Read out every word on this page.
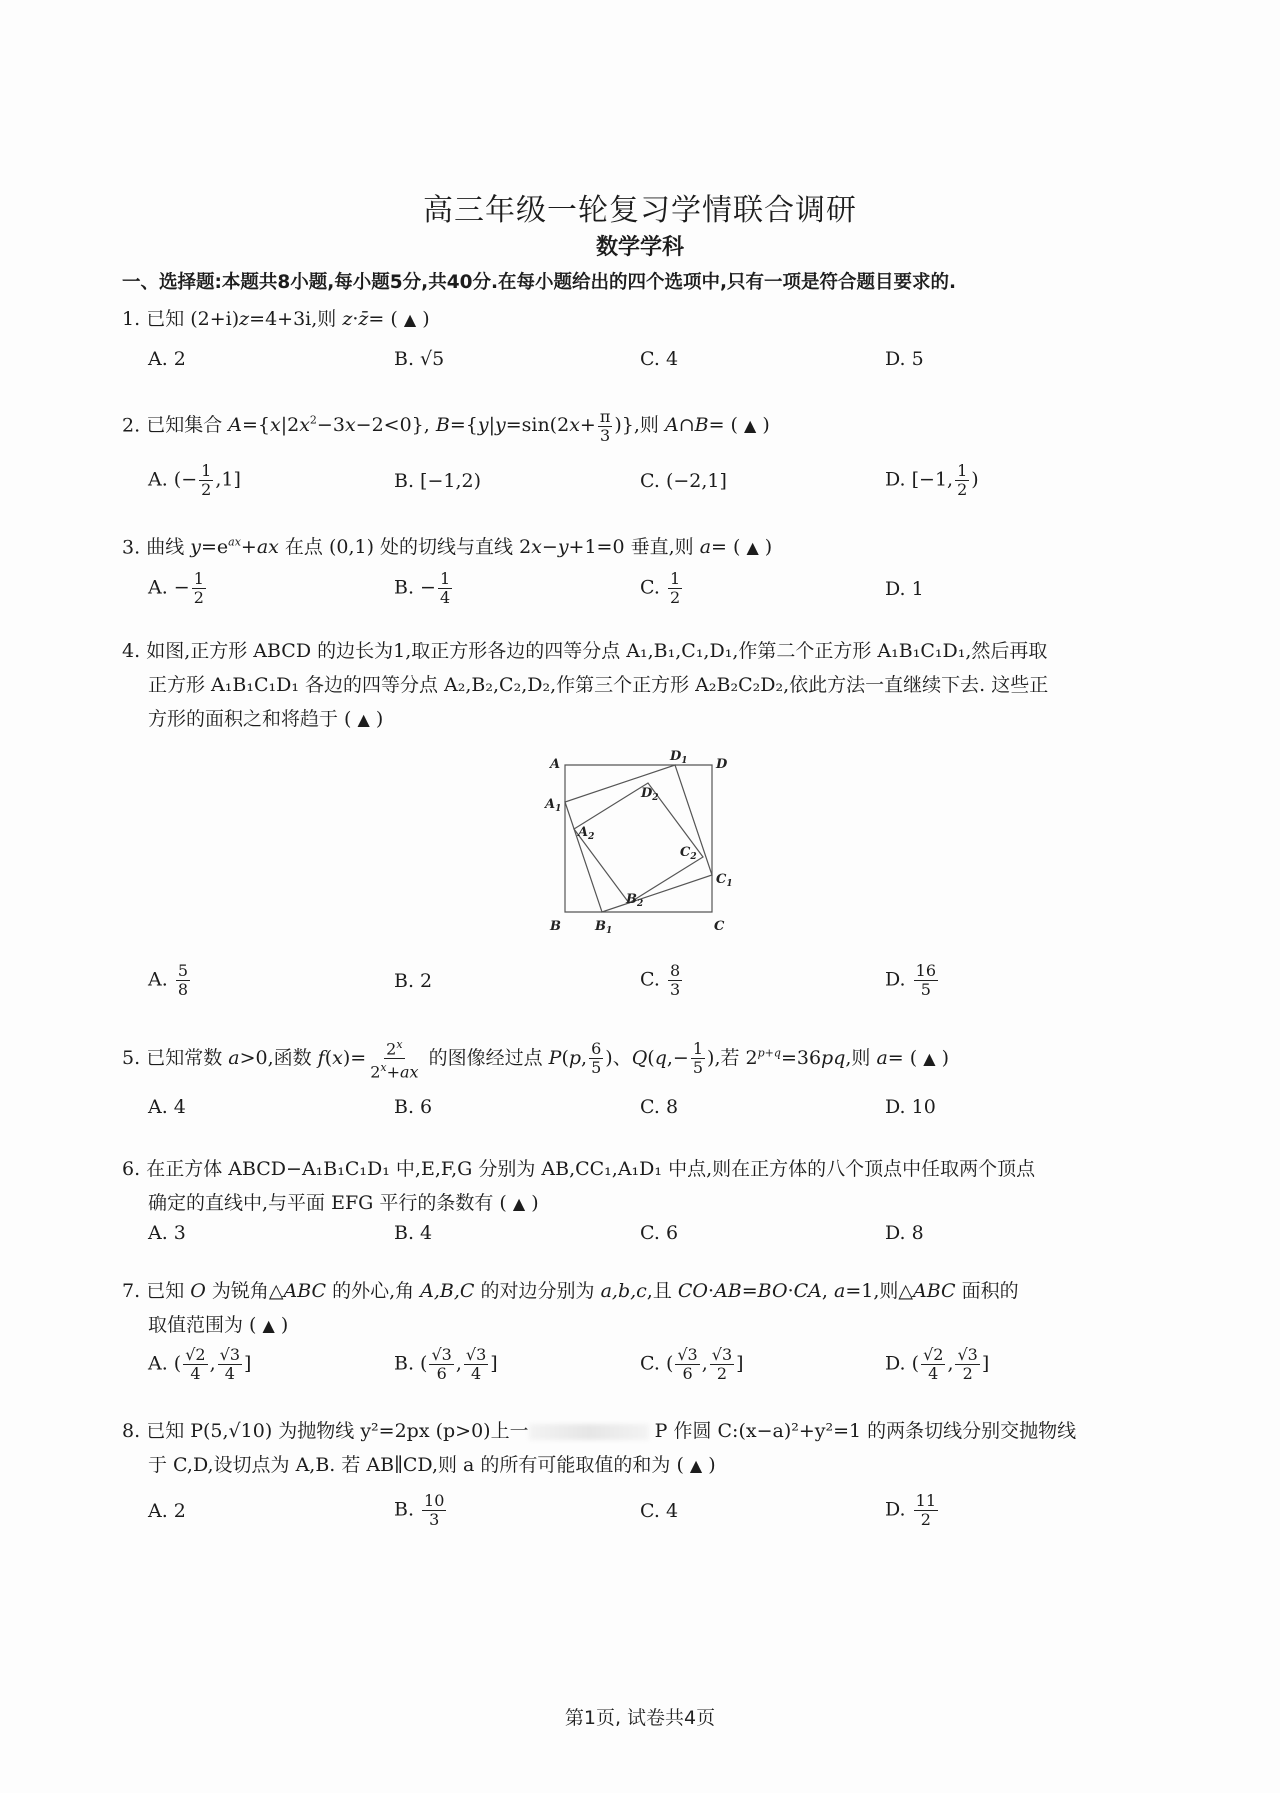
高三年级一轮复习学情联合调研
数学学科
一、选择题:本题共8小题,每小题5分,共40分.在每小题给出的四个选项中,只有一项是符合题目要求的.
1. 已知 (2+i)z=4+3i,则 z·z̄= ( ▲ )
A. 2	B. √5	C. 4	D. 5
2. 已知集合 $A=\{x|2x^2-3x-2<0\}$, $B=\{y|y=\sin(2x+ \frac{\pi}{3}$ )},则 A∩B= ( ▲ )
A. (− $\frac{1}{2} ,1$]	B. [−1,2)	C. (−2,1]	D. [−1, $\frac{1}{2}$ )
3. 曲线 $y=e^{ax}+ax$ 在点 (0,1) 处的切线与直线 2x−y+1=0 垂直,则 a= ( ▲ )
A. − $\frac{1}{2}$	B. − $\frac{1}{4}$	C. $\frac{1}{2}$	D. 1
4. 如图,正方形 ABCD 的边长为1,取正方形各边的四等分点 A₁,B₁,C₁,D₁,作第二个正方形 A₁B₁C₁D₁,然后再取
正方形 A₁B₁C₁D₁ 各边的四等分点 A₂,B₂,C₂,D₂,作第三个正方形 A₂B₂C₂D₂,依此方法一直继续下去. 这些正
方形的面积之和将趋于 ( ▲ )
A
$D_1$ D
$D_2$
$A_1$
$A_2$
$C_2$
$C_1$
$B_2$
B	$B_1$	C
A. $\frac{5}{8}$	B. 2	C. $\frac{8}{3}$	D. $\frac{16}{5}$
5. 已知常数 a>0,函数 $f(x)= \frac{2^x}{2^x+ax}$ 的图像经过点 P(p, $\frac{6}{5}$ )、$Q(q,- \frac{1}{5}$ ),若 $2^{p+q}=36pq$,则 a= ( ▲ )
A. 4	B. 6	C. 8	D. 10
6. 在正方体 ABCD−A₁B₁C₁D₁ 中,E,F,G 分别为 AB,CC₁,A₁D₁ 中点,则在正方体的八个顶点中任取两个顶点
确定的直线中,与平面 EFG 平行的条数有 ( ▲ )
A. 3	B. 4	C. 6	D. 8
7. 已知 O 为锐角△ABC 的外心,角 A,B,C 的对边分别为 a,b,c,且 CO·AB=BO·CA, a=1,则△ABC 面积的
取值范围为 ( ▲ )
A. ( $\frac{√2}{4}$ , $\frac{√3}{4}$ ]	B. ( $\frac{√3}{6}$ , $\frac{√3}{4}$ ]	C. ( $\frac{√3}{6}$ , $\frac{√3}{2}$ ]	D. ( $\frac{√2}{4}$ , $\frac{√3}{2}$ ]
8. 已知 P(5,√10) 为抛物线 y²=2px (p>0)上一	P 作圆 C:(x−a)²+y²=1 的两条切线分别交抛物线
于 C,D,设切点为 A,B. 若 AB∥CD,则 a 的所有可能取值的和为 ( ▲ )
A. 2	B. $\frac{10}{3}$	C. 4	D. $\frac{11}{2}$
第1页, 试卷共4页
